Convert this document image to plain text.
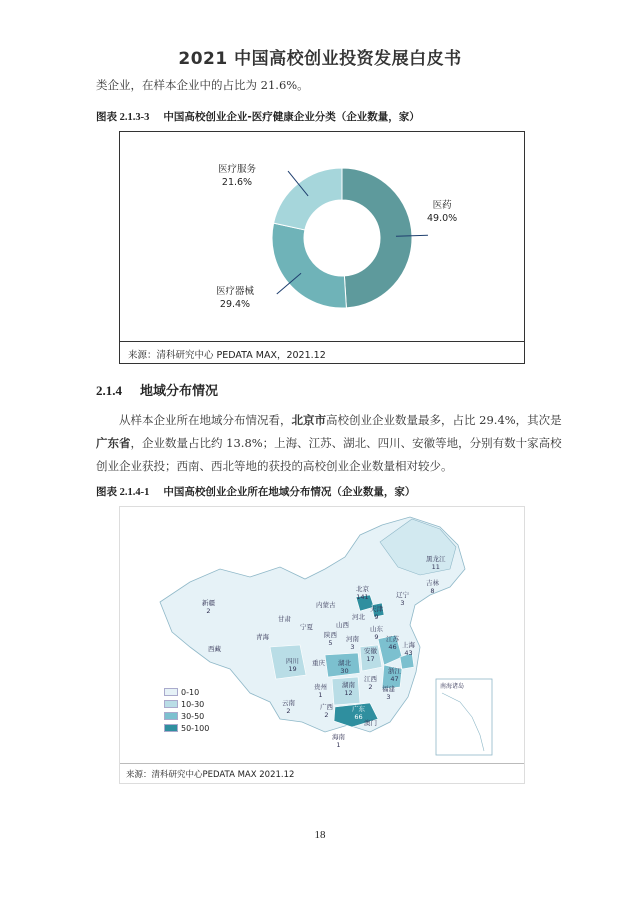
2021 中国高校创业投资发展白皮书
类企业，在样本企业中的占比为 21.6%。
图表 2.1.3-3 中国高校创业企业-医疗健康企业分类（企业数量，家）
医药
49.0%
医疗器械
29.4%
医疗服务
21.6%
来源：清科研究中心 PEDATA MAX，2021.12
2.1.4 地域分布情况
从样本企业所在地域分布情况看，北京市高校创业企业数量最多，占比 29.4%，其次是
广东省，企业数量占比约 13.8%；上海、江苏、湖北、四川、安徽等地，分别有数十家高校
创业企业获投；西南、西北等地的获投的高校创业企业数量相对较少。
图表 2.1.4-1 中国高校创业企业所在地域分布情况（企业数量，家）
南海诸岛
黑龙江
11
吉林
8
辽宁
3
北京
141
天津
9
内蒙古
河北
山西	山东
9
新疆
2
甘肃
青海
宁夏
陕西
5	河南
3
江苏
46 上海
43
安徽
17
西藏
四川
19
重庆 湖北
30	浙江
47
江西
2
湖南
12
贵州
1
福建
3
云南
2	广西
2
广东
66
澳门
海南
1
0-10
10-30
30-50
50-100
来源：清科研究中心PEDATA MAX 2021.12
18
